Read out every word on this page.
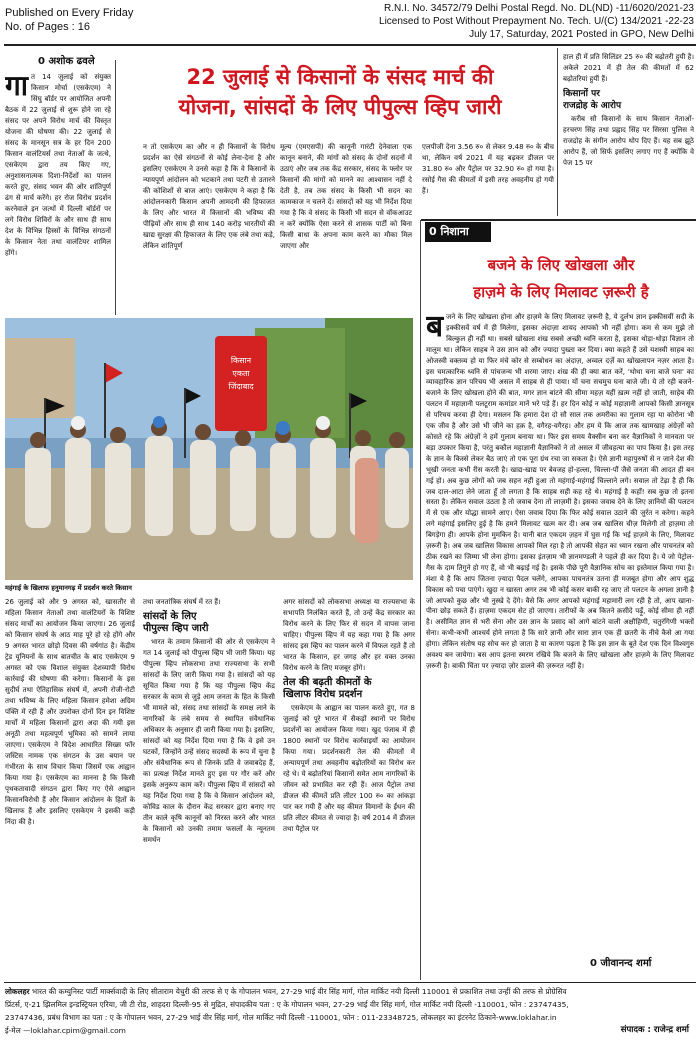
Published on Every Friday
No. of Pages : 16
R.N.I. No. 34572/79 Delhi Postal Regd. No. DL(ND) -11/6020/2021-23
Licensed to Post Without Prepayment No. Tech. U/(C) 134/2021 -22-23
July 17, Saturday, 2021 Posted in GPO, New Delhi
0 अशोक ढवले
22 जुलाई से किसानों के संसद मार्च की
योजना, सांसदों के लिए पीपुल्स व्हिप जारी
गा त 14 जुलाई को संयुक्त किसान मोर्चा (एसकेएम) ने सिंघु बॉर्डर पर आयोजित अपनी बैठक में 22 जुलाई से शुरू होने जा रहे संसद पर अपने विरोध मार्च की विस्तृत योजना की घोषणा की। 22 जुलाई से संसद के मानसून सत्र के हर दिन 200 किसान वालंटियर्स तथा नेताओं के जत्थे, एसकेएम द्वारा तय किए गए, अनुशासनात्मक दिशा-निर्देशों का पालन करते हुए, संसद भवन की ओर शांतिपूर्ण ढंग से मार्च करेंगे। हर रोज विरोध प्रदर्शन करनेवाले इन जत्थों में दिल्ली बॉर्डरों पर लगे विरोध शिविरों के और साथ ही साथ देश के विभिन्न हिस्सों के विभिन्न संगठनों के किसान नेता तथा वालंटियर शामिल होंगे।
न तो एसकेएम का और न ही किसानों के विरोध प्रदर्शन का ऐसे संगठनों से कोई लेना-देना है और इसलिए एसकेएम ने उनसे कहा है कि वे किसानों के न्यायपूर्ण आंदोलन को भटकाने तथा पटरी से उतारने की कोशिशों से बाज आएं। एसकेएम ने कहा है कि आंदोलनकारी किसान अपनी आमदनी की हिफाजत के लिए और भारत में किसानों की भविष्य की पीढ़ियों और साथ ही साथ 140 करोड़ भारतीयों की खाद्य सुरक्षा की हिफाजत के लिए एक लंबे तथा कड़े, लेकिन शांतिपूर्ण
मूल्य (एमएसपी) की कानूनी गारंटी देनेवाला एक कानून बनाने, की मांगों को संसद के दोनों सदनों में उठाएं और जब तक केंद्र सरकार, संसद के फ्लोर पर किसानों की मांगों को मानने का आश्वासन नहीं दे देती है, तब तक संसद के किसी भी सदन का कामकाज न चलने दें। सांसदों को यह भी निर्देश दिया गया है कि वे संसद के किसी भी सदन से वॉकआउट न करें क्योंकि ऐसा करने से शासक पार्टी को बिना किसी बाधा के अपना काम करने का मौका मिल जाएगा और
एलपीजी देना 3.56 रु० से लेकर 9.48 रु० के बीच था, लेकिन वर्ष 2021 में यह बढ़कर डीजल पर 31.80 रु० और पैट्रोल पर 32.90 रु० हो गया है। रसोई गैस की कीमतों में इसी तरह अवहनीय हो गयी हैं।
हाल ही में प्रति सिलिंडर 25 रु० की बढ़ोतरी हुयी है। अकेले 2021 में ही तेल की कीमतों में 62 बढ़ोतरियां हुयीं हैं।
किसानों पर
राजद्रोह के आरोप

करीब सौ किसानों के साथ किसान नेताओं-हरचरण सिंह तथा प्रह्लाद सिंह पर सिरसा पुलिस ने राजद्रोह के संगीन आरोप थोप दिए हैं। यह सब झूठे आरोप हैं, जो सिर्फ इसलिए लगाए गए हैं क्योंकि वे पेज 15 पर

0 निशाना
बजने के लिए खोखला और
हाज़मे के लिए मिलावट ज़रूरी है
ब जने के लिए खोखला होना और हाज़मे के लिए मिलावट ज़रूरी है, ये दुर्लभ ज्ञान इक्कीसवीं सदी के इक्कीसवें वर्ष में ही मिलेगा, इसका अंदाज़ा शायद आपको भी नहीं होगा। कम से कम मुझे तो बिल्कुल ही नहीं था। सबसे खोखला शंख सबसे अच्छी ध्वनि करता है, इसका थोड़ा-थोड़ा विज्ञान तो मालूम था। लेकिन साहब ने उस ज्ञान को और ज्यादा पुख्ता कर दिया। क्या कहते हैं उसे यशस्वी साहब का ओजस्वी वक्तव्य हो या फिर मंचे कोर से सम्बोधन का अंदाज़, अव्वल दर्ज़े का खोखलापन नज़र आता है। इस चमत्कारिक ध्वनि से पांचजन्य भी शरमा जाए। शंख की ही क्या बात करें, 'थोथा चना बाजे घना' का व्यावहारिक ज्ञान परिचय भी असल में साहब से ही पाया। यों चना सचमुच घना बाजे जी। ये तो रही बजने-बजाने के लिए खोखला होने की बात, मगर ज्ञान बांटने की सीमा महज़ यहीं ख़त्म नहीं हो जाती, साहेब की पलटन में महाज्ञानी पलटूराम कमांडर मानें भरे पड़े हैं। हर दिन कोई न कोई महाज्ञानी आपको किसी ज्ञानसूत्र से परिचय करवा ही देगा। मसलन कि हमारा देश दो सौ साल तक अमरीका का गुलाम रहा या कोरोना भी एक जीव है और उसे भी जीने का हक़ है, वगैरह-वगैरह। और हम ये कि आज तक खामखाह अंग्रेज़ों को कोसते रहे कि अंग्रेज़ों ने हमें गुलाम बनाया था। फिर इस समय वैक्सीन बना कर वैज्ञानिकों ने मानवता पर बड़ा उपकार किया है, परंतु बकौल महाज्ञानी वैज्ञानिकों ने तो असल में जीवहत्या का पाप किया है। इस तरह के ज्ञान के किस्से लेकर बैठ जाएं तो एक पूरा ग्रंथ रचा जा सकता है। ऐसे ज्ञानी महापुरुषों से न जाने देश की भूखी जनता कभी रीस करती है। खाद्य-खाद्य पर बेवजह हो-हल्ला, चिल्ला-पौं जैसे जनता की आदत ही बन गई हो। अब कुछ लोगों को जब सहन नहीं हुआ तो महंगाई-महंगाई चिल्लाने लगे। सवाल तो टेढ़ा है ही कि जब दाल-आटा लेने जाता हूँ तो लगता है कि साहब सही कह रहे थे। महंगाई है कहाँ! सब कुछ तो इतना सस्ता है। लेकिन सवाल उठता है तो जवाब देना तो लाज़मी है। इसका जवाब देने के लिए ज्ञानियों की पलटन में से एक और योद्धा सामने आए। ऐसा जवाब दिया कि फिर कोई सवाल उठाने की जुर्रत न करेगा। कहने लगे महंगाई इसलिए हुई है कि हमने मिलावट खत्म कर दी। अब जब खालिस चीज़ मिलेगी तो हाज़मा तो बिगड़ेगा ही। आपके होना मुमकिन है। यानी बात एकदम ज़हन में घुस गई कि भई हाज़मे के लिए, मिलावट ज़रूरी है। अब जब खालिस विकास आपको मिल रहा है तो आपकी सेहत का ध्यान रखना और पाचनतंत्र को ठीक रखने का जिम्मा भी लेना होगा। इसका इंतज़ाम भी ज्ञानमण्डली ने पहले ही कर दिया है। ये जो पेट्रोल-गैस के दाम तिगुने हो गए हैं, वो भी बढ़ाई गई है। इसके पीछे पूरी वैज्ञानिक सोच का इस्तेमाल किया गया है। मंशा ये है कि आप जितना ज़्यादा पैदल चलेंगे, आपका पाचनतंत्र उतना ही मजबूत होगा और आप शुद्ध विकास को पचा पाएंगे। खुदा न खास्ता अगर तब भी कोई कसर बाकी रह जाए तो पलटन के अगला ज्ञानी है जो आपको कुछ और भी नुस्खे दे देंगे। वैसे कि अगर आपको महंगाई महामारी लग रही है तो, आप खाना-पीना छोड़ सकते हैं। हाज़मा एकदम सेट हो जाएगा। तारीफों के अब कितने क़सीदे पढ़ूँ, कोई सीमा ही नहीं है। असीमित ज्ञान से भरी सेना और उस ज्ञान के प्रसाद को आगे बांटने वाली अक्षौहिणी, चतुरंगिणी भक्तों सेना। कभी-कभी आश्चर्य होने लगता है कि सारे ज्ञानी और सारा ज्ञान एक ही छतरी के नीचे कैसे आ गया होगा। लेकिन संतोष यह सोच कर हो जाता है या कारण पढ़ता है कि इस ज्ञान के बूते देश एक दिन विश्वगुरु अवश्य बन जायेगा। बस आप इतना स्मरण रखिये कि बजने के लिए खोखला और हाज़मे के लिए मिलावट ज़रूरी है। बाकी चिंता पर ज़्यादा ज़ोर डालने की ज़रूरत नहीं है।
0 जीवानन्द शर्मा
किसान
एकता
जिंदाबाद
महंगाई के खिलाफ हनुमानगढ़ में प्रदर्शन करते किसान
26 जुलाई को और 9 अगस्त को, खासतौर से महिला किसान नेताओं तथा वालंटियरों के विशिष्ट संसद मार्चों का आयोजन किया जाएगा। 26 जुलाई को किसान संघर्ष के आठ माह पूरे हो रहे होंगे और 9 अगस्त भारत छोड़ो दिवस की वर्षगांठ है। केंद्रीय ट्रेड यूनियनों के साथ बातचीत के बाद एसकेएम 9 अगस्त को एक विशाल संयुक्त देशव्यापी विरोध कार्रवाई की घोषणा की करेगा। किसानों के इस सुदीर्घ तथा ऐतिहासिक संघर्ष में, अपनी रोजी-रोटी तथा भविष्य के लिए महिला किसान हमेशा अग्रिम पंक्ति में रही हैं और उपरोक्त दोनों दिन इन विशिष्ट मार्चों में महिला किसानों द्वारा अदा की गयी इस अनूठी तथा महत्वपूर्ण भूमिका को सामने लाया जाएगा। एसकेएम ने विदेश आधारित सिख्स फॉर जस्टिस नामक एक संगठन के उस बयान पर गंभीरता के साथ विचार किया जिसमें एक आह्वान किया गया है। एसकेएम का मानना है कि किसी पृथकतावादी संगठन द्वारा किए गए ऐसे आह्वान किसानविरोधी हैं और किसान आंदोलन के हितों के खिलाफ हैं और इसलिए एसकेएम ने इसकी कड़ी निंदा की है।
तथा जनतांत्रिक संघर्ष में रत हैं।
सांसदों के लिए
पीपुल्स व्हिप जारी

भारत के तमाम किसानों की ओर से एसकेएम ने गत 14 जुलाई को पीपुल्स व्हिप भी जारी किया। यह पीपुल्स व्हिप लोकसभा तथा राज्यसभा के सभी सांसदों के लिए जारी किया गया है। सांसदों को यह सूचित किया गया है कि यह पीपुल्स व्हिप केंद्र सरकार के काम से जुड़े आम जनता के हित के किसी भी मामले को, संसद तथा सांसदों के समक्ष लाने के नागरिकों के लंबे समय से स्थापित संवैधानिक अधिकार के अनुसार ही जारी किया गया है। इसलिए, सांसदों को यह निर्देश दिया गया है कि वे इसे उन घटकों, जिन्होंने उन्हें संसद सदस्यों के रूप में चुना है और संवैधानिक रूप से जिनके प्रति वे जवाबदेह हैं, का प्रत्यक्ष निर्देश मानते हुए इस पर गौर करें और इसके अनुरूप काम करें। पीपुल्स व्हिप में सांसदों को यह निर्देश दिया गया है कि वे किसान आंदोलन को, कोविड काल के दौरान केंद्र सरकार द्वारा बनाए गए तीन काले कृषि कानूनों को निरस्त करने और भारत के किसानों को उनकी तमाम फसलों के न्यूनतम समर्थन

अगर सांसदों को लोकसभा अध्यक्ष या राज्यसभा के सभापति निलंबित करते हैं, तो उन्हें केंद्र सरकार का विरोध करने के लिए फिर से सदन में वापस जाना चाहिए। पीपुल्स व्हिप में यह कहा गया है कि अगर सांसद इस व्हिप का पालन करने में विफल रहते हैं तो भारत के किसान, हर जगह और हर वक्त उनका विरोध करने के लिए मजबूर होंगे।
तेल की बढ़ती कीमतों के
खिलाफ विरोध प्रदर्शन

एसकेएम के आह्वान का पालन करते हुए, गत 8 जुलाई को पूरे भारत में सैकड़ों स्थानों पर विरोध प्रदर्शनों का आयोजन किया गया। खुद पंजाब में ही 1800 स्थानों पर विरोध कार्रवाइयों का आयोजन किया गया। प्रदर्शनकारी तेल की कीमतों में अन्यायपूर्ण तथा अवहनीय बढ़ोतरियों का विरोध कर रहे थे। ये बढ़ोतरियां किसानों समेत आम नागरिकों के जीवन को प्रभावित कर रही हैं। आज पैट्रोल तथा डीजल की कीमतें प्रति लीटर 100 रु० का आंकड़ा पार कर गयी हैं और यह कीमत विमानों के ईंधन की प्रति लीटर कीमत से ज्यादा है। वर्ष 2014 में डीजल तथा पैट्रोल पर

लोकलहर भारत की कम्युनिस्ट पार्टी मार्क्सवादी के लिए सीताराम येचुरी की तरफ से ए के गोपालन भवन, 27-29 भाई वीर सिंह मार्ग, गोल मार्किट नयी दिल्ली 110001 से प्रकाशित तथा उन्हीं की तरफ से प्रोग्रेसिव
प्रिंटर्स, ए-21 झिलमिल इन्डस्ट्रियल एरिया, जी टी रोड, शाहदरा दिल्ली-95 से मुद्रित, संपादकीय पता : ए के गोपालन भवन, 27-29 भाई वीर सिंह मार्ग, गोल मार्किट नयी दिल्ली -110001, फोन : 23747435,
23747436, प्रबंध विभाग का पता : ए के गोपालन भवन, 27-29 भाई वीर सिंह मार्ग, गोल मार्किट नयी दिल्ली -110001, फोन : 011-23348725, लोकलहर का इंटरनेट ठिकाने-www.loklahar.in
ई-मेल —loklahar.cpim@gmail.com	संपादक : राजेन्द्र शर्मा
